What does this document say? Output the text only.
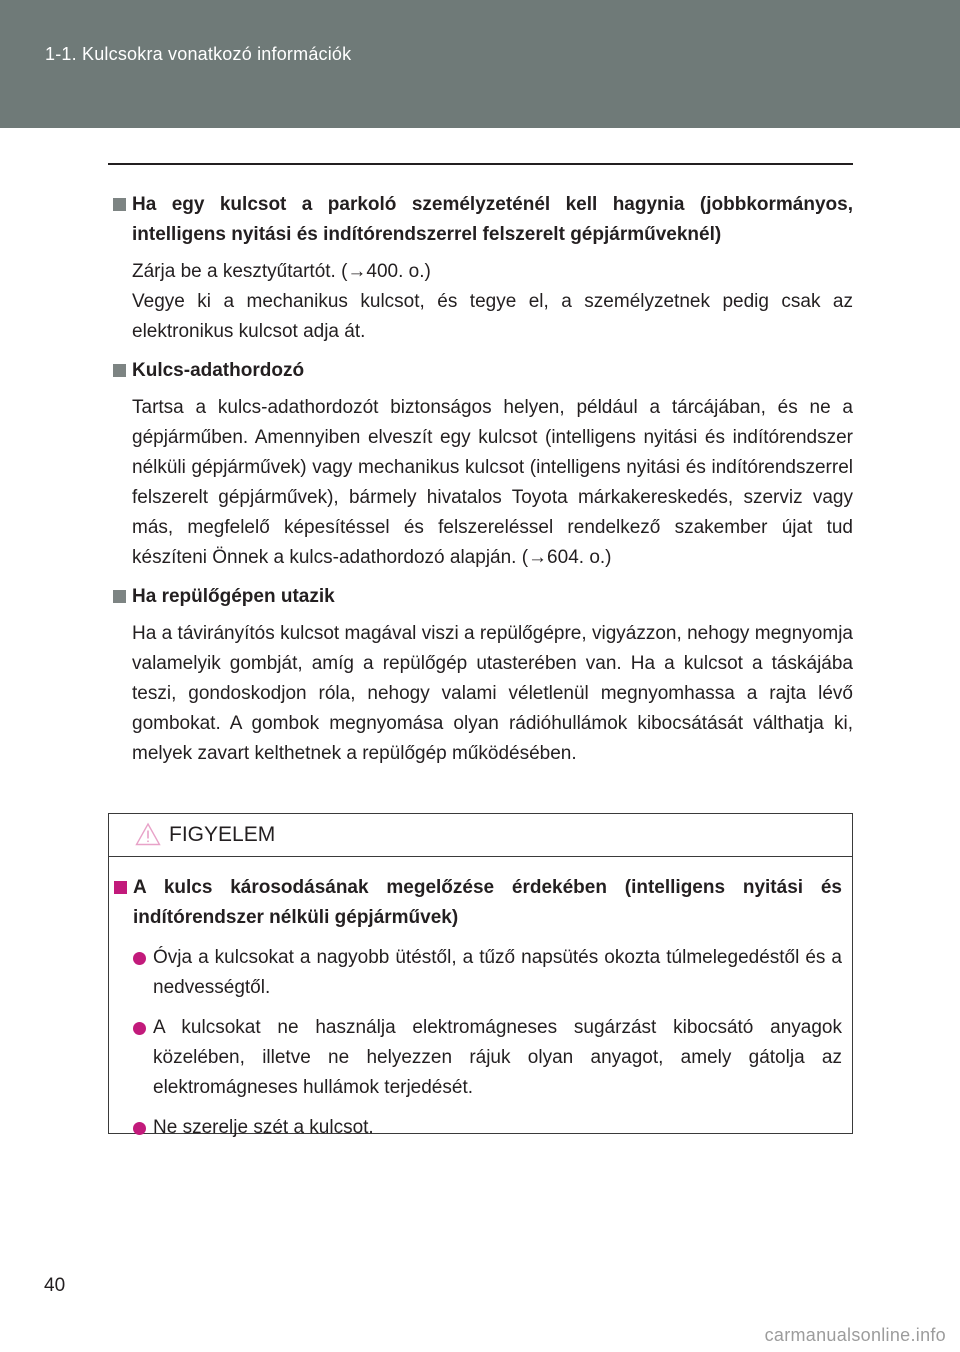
1-1. Kulcsokra vonatkozó információk
Ha egy kulcsot a parkoló személyzeténél kell hagynia (jobbkormányos, intelligens nyitási és indítórendszerrel felszerelt gépjárműveknél)
Zárja be a kesztyűtartót. (→400. o.)
Vegye ki a mechanikus kulcsot, és tegye el, a személyzetnek pedig csak az elektronikus kulcsot adja át.
Kulcs-adathordozó
Tartsa a kulcs-adathordozót biztonságos helyen, például a tárcájában, és ne a gépjárműben. Amennyiben elveszít egy kulcsot (intelligens nyitási és indítórendszer nélküli gépjárművek) vagy mechanikus kulcsot (intelligens nyitási és indítórendszerrel felszerelt gépjárművek), bármely hivatalos Toyota márkakereskedés, szerviz vagy más, megfelelő képesítéssel és felszereléssel rendelkező szakember újat tud készíteni Önnek a kulcs-adathordozó alapján. (→604. o.)
Ha repülőgépen utazik
Ha a távirányítós kulcsot magával viszi a repülőgépre, vigyázzon, nehogy megnyomja valamelyik gombját, amíg a repülőgép utasterében van. Ha a kulcsot a táskájába teszi, gondoskodjon róla, nehogy valami véletlenül megnyomhassa a rajta lévő gombokat. A gombok megnyomása olyan rádióhullámok kibocsátását válthatja ki, melyek zavart kelthetnek a repülőgép működésében.
FIGYELEM
A kulcs károsodásának megelőzése érdekében (intelligens nyitási és indítórendszer nélküli gépjárművek)
Óvja a kulcsokat a nagyobb ütéstől, a tűző napsütés okozta túlmelegedéstől és a nedvességtől.
A kulcsokat ne használja elektromágneses sugárzást kibocsátó anyagok közelében, illetve ne helyezzen rájuk olyan anyagot, amely gátolja az elektromágneses hullámok terjedését.
Ne szerelje szét a kulcsot.
40
carmanualsonline.info
